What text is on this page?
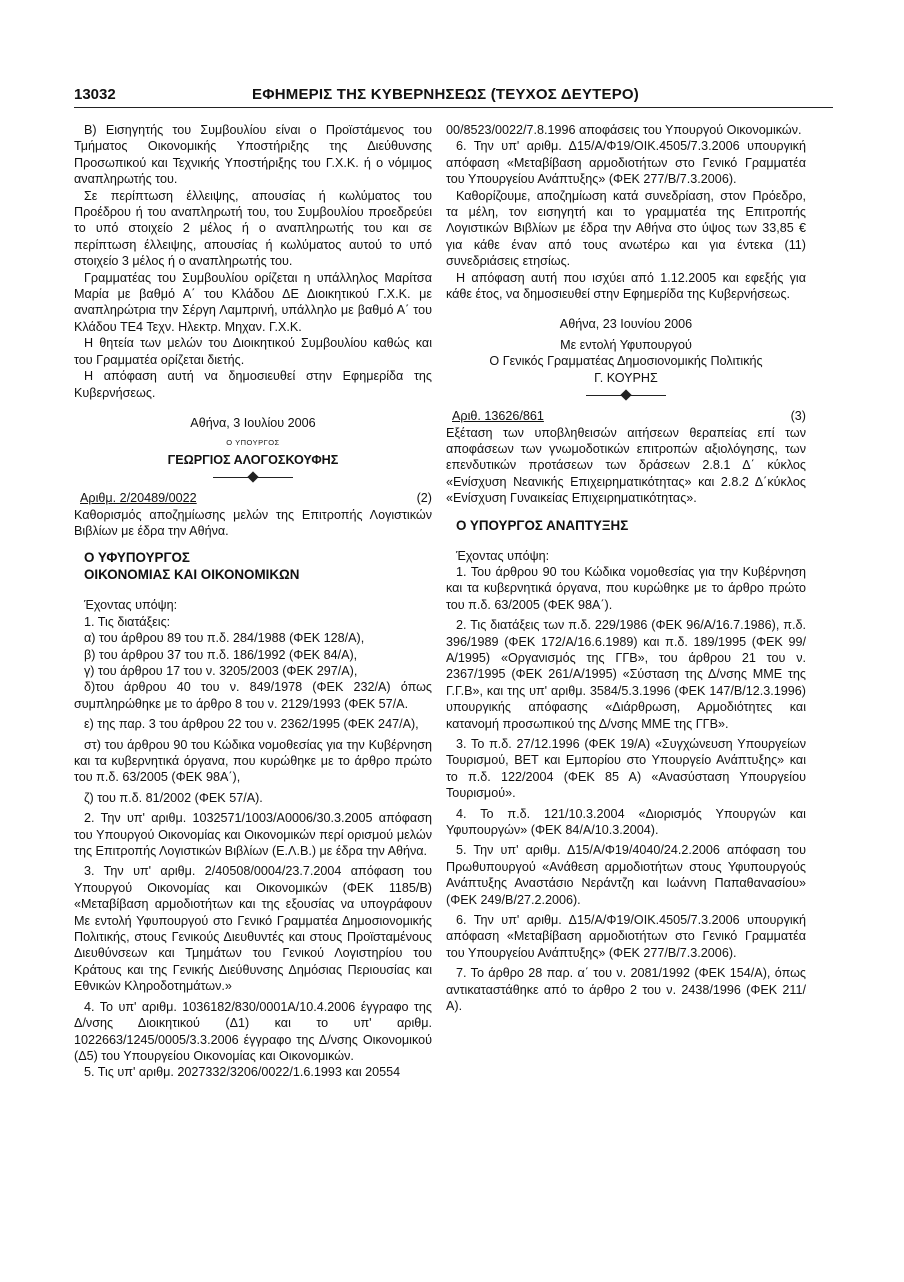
13032	ΕΦΗΜΕΡΙΣ ΤΗΣ ΚΥΒΕΡΝΗΣΕΩΣ (ΤΕΥΧΟΣ ΔΕΥΤΕΡΟ)

Β) Εισηγητής του Συμβουλίου είναι ο Προϊστάμενος του Τμήματος Οικονομικής Υποστήριξης της Διεύθυνσης Προσωπικού και Τεχνικής Υποστήριξης του Γ.Χ.Κ. ή ο νόμιμος αναπληρωτής του.

Σε περίπτωση έλλειψης, απουσίας ή κωλύματος του Προέδρου ή του αναπληρωτή του, του Συμβουλίου προεδρεύει το υπό στοιχείο 2 μέλος ή ο αναπληρωτής του και σε περίπτωση έλλειψης, απουσίας ή κωλύματος αυτού το υπό στοιχείο 3 μέλος ή ο αναπληρωτής του.

Γραμματέας του Συμβουλίου ορίζεται η υπάλληλος Μαρίτσα Μαρία με βαθμό Α΄ του Κλάδου ΔΕ Διοικητικού Γ.Χ.Κ. με αναπληρώτρια την Σέργη Λαμπρινή, υπάλληλο με βαθμό Α΄ του Κλάδου ΤΕ4 Τεχν. Ηλεκτρ. Μηχαν. Γ.Χ.Κ.

Η θητεία των μελών του Διοικητικού Συμβουλίου καθώς και του Γραμματέα ορίζεται διετής.

Η απόφαση αυτή να δημοσιευθεί στην Εφημερίδα της Κυβερνήσεως.

Αθήνα, 3 Ιουλίου 2006

Ο ΥΠΟΥΡΓΟΣ

ΓΕΩΡΓΙΟΣ ΑΛΟΓΟΣΚΟΥΦΗΣ

Αριθμ. 2/20489/0022	(2)

Καθορισμός αποζημίωσης μελών της Επιτροπής Λογιστικών Βιβλίων με έδρα την Αθήνα.

Ο ΥΦΥΠΟΥΡΓΟΣ

ΟΙΚΟΝΟΜΙΑΣ ΚΑΙ ΟΙΚΟΝΟΜΙΚΩΝ

Έχοντας υπόψη:

1. Τις διατάξεις:

α) του άρθρου 89 του π.δ. 284/1988 (ΦΕΚ 128/Α),

β) του άρθρου 37 του π.δ. 186/1992 (ΦΕΚ 84/Α),

γ) του άρθρου 17 του ν. 3205/2003 (ΦΕΚ 297/Α),

δ)του άρθρου 40 του ν. 849/1978 (ΦΕΚ 232/Α) όπως συμπληρώθηκε με το άρθρο 8 του ν. 2129/1993 (ΦΕΚ 57/Α.

ε) της παρ. 3 του άρθρου 22 του ν. 2362/1995 (ΦΕΚ 247/Α),

στ) του άρθρου 90 του Κώδικα νομοθεσίας για την Κυβέρνηση και τα κυβερνητικά όργανα, που κυρώθηκε με το άρθρο πρώτο του π.δ. 63/2005 (ΦΕΚ 98Α΄),

ζ) του π.δ. 81/2002 (ΦΕΚ 57/Α).

2. Την υπ' αριθμ. 1032571/1003/Α0006/30.3.2005 απόφαση του Υπουργού Οικονομίας και Οικονομικών περί ορισμού μελών της Επιτροπής Λογιστικών Βιβλίων (Ε.Λ.Β.) με έδρα την Αθήνα.

3. Την υπ' αριθμ. 2/40508/0004/23.7.2004 απόφαση του Υπουργού Οικονομίας και Οικονομικών (ΦΕΚ 1185/Β) «Μεταβίβαση αρμοδιοτήτων και της εξουσίας να υπογράφουν Με εντολή Υφυπουργού στο Γενικό Γραμματέα Δημοσιονομικής Πολιτικής, στους Γενικούς Διευθυντές και στους Προϊσταμένους Διευθύνσεων και Τμημάτων του Γενικού Λογιστηρίου του Κράτους και της Γενικής Διεύθυνσης Δημόσιας Περιουσίας και Εθνικών Κληροδοτημάτων.»

4. Το υπ' αριθμ. 1036182/830/0001Α/10.4.2006 έγγραφο της Δ/νσης Διοικητικού (Δ1) και το υπ' αριθμ. 1022663/1245/0005/3.3.2006 έγγραφο της Δ/νσης Οικονομικού (Δ5) του Υπουργείου Οικονομίας και Οικονομικών.

5. Τις υπ' αριθμ. 2027332/3206/0022/1.6.1993 και 20554

00/8523/0022/7.8.1996 αποφάσεις του Υπουργού Οικονομικών.

6. Την υπ' αριθμ. Δ15/Α/Φ19/ΟΙΚ.4505/7.3.2006 υπουργική απόφαση «Μεταβίβαση αρμοδιοτήτων στο Γενικό Γραμματέα του Υπουργείου Ανάπτυξης» (ΦΕΚ 277/Β/7.3.2006).

Καθορίζουμε, αποζημίωση κατά συνεδρίαση, στον Πρόεδρο, τα μέλη, τον εισηγητή και το γραμματέα της Επιτροπής Λογιστικών Βιβλίων με έδρα την Αθήνα στο ύψος των 33,85 € για κάθε έναν από τους ανωτέρω και για έντεκα (11) συνεδριάσεις ετησίως.

Η απόφαση αυτή που ισχύει από 1.12.2005 και εφεξής για κάθε έτος, να δημοσιευθεί στην Εφημερίδα της Κυβερνήσεως.

Αθήνα, 23 Ιουνίου 2006

Με εντολή Υφυπουργού

Ο Γενικός Γραμματέας Δημοσιονομικής Πολιτικής

Γ. ΚΟΥΡΗΣ

Αριθ. 13626/861	(3)

Εξέταση των υποβληθεισών αιτήσεων θεραπείας επί των αποφάσεων των γνωμοδοτικών επιτροπών αξιολόγησης, των επενδυτικών προτάσεων των δράσεων 2.8.1 Δ΄ κύκλος «Ενίσχυση Νεανικής Επιχειρηματικότητας» και 2.8.2 Δ΄κύκλος «Ενίσχυση Γυναικείας Επιχειρηματικότητας».

Ο ΥΠΟΥΡΓΟΣ ΑΝΑΠΤΥΞΗΣ

Έχοντας υπόψη:

1. Του άρθρου 90 του Κώδικα νομοθεσίας για την Κυβέρνηση και τα κυβερνητικά όργανα, που κυρώθηκε με το άρθρο πρώτο του π.δ. 63/2005 (ΦΕΚ 98Α΄).

2. Τις διατάξεις των π.δ. 229/1986 (ΦΕΚ 96/Α/16.7.1986), π.δ. 396/1989 (ΦΕΚ 172/Α/16.6.1989) και π.δ. 189/1995 (ΦΕΚ 99/Α/1995) «Οργανισμός της ΓΓΒ», του άρθρου 21 του ν. 2367/1995 (ΦΕΚ 261/Α/1995) «Σύσταση της Δ/νσης ΜΜΕ της Γ.Γ.Β», και της υπ' αριθμ. 3584/5.3.1996 (ΦΕΚ 147/Β/12.3.1996) υπουργικής απόφασης «Διάρθρωση, Αρμοδιότητες και κατανομή προσωπικού της Δ/νσης ΜΜΕ της ΓΓΒ».

3. Το π.δ. 27/12.1996 (ΦΕΚ 19/Α) «Συγχώνευση Υπουργείων Τουρισμού, ΒΕΤ και Εμπορίου στο Υπουργείο Ανάπτυξης» και το π.δ. 122/2004 (ΦΕΚ 85 Α) «Ανασύσταση Υπουργείου Τουρισμού».

4. Το π.δ. 121/10.3.2004 «Διορισμός Υπουργών και Υφυπουργών» (ΦΕΚ 84/Α/10.3.2004).

5. Την υπ' αριθμ. Δ15/Α/Φ19/4040/24.2.2006 απόφαση του Πρωθυπουργού «Ανάθεση αρμοδιοτήτων στους Υφυπουργούς Ανάπτυξης Αναστάσιο Νεράντζη και Ιωάννη Παπαθανασίου» (ΦΕΚ 249/Β/27.2.2006).

6. Την υπ' αριθμ. Δ15/Α/Φ19/ΟΙΚ.4505/7.3.2006 υπουργική απόφαση «Μεταβίβαση αρμοδιοτήτων στο Γενικό Γραμματέα του Υπουργείου Ανάπτυξης» (ΦΕΚ 277/Β/7.3.2006).

7. Το άρθρο 28 παρ. α΄ του ν. 2081/1992 (ΦΕΚ 154/Α), όπως αντικαταστάθηκε από το άρθρο 2 του ν. 2438/1996 (ΦΕΚ 211/Α).
